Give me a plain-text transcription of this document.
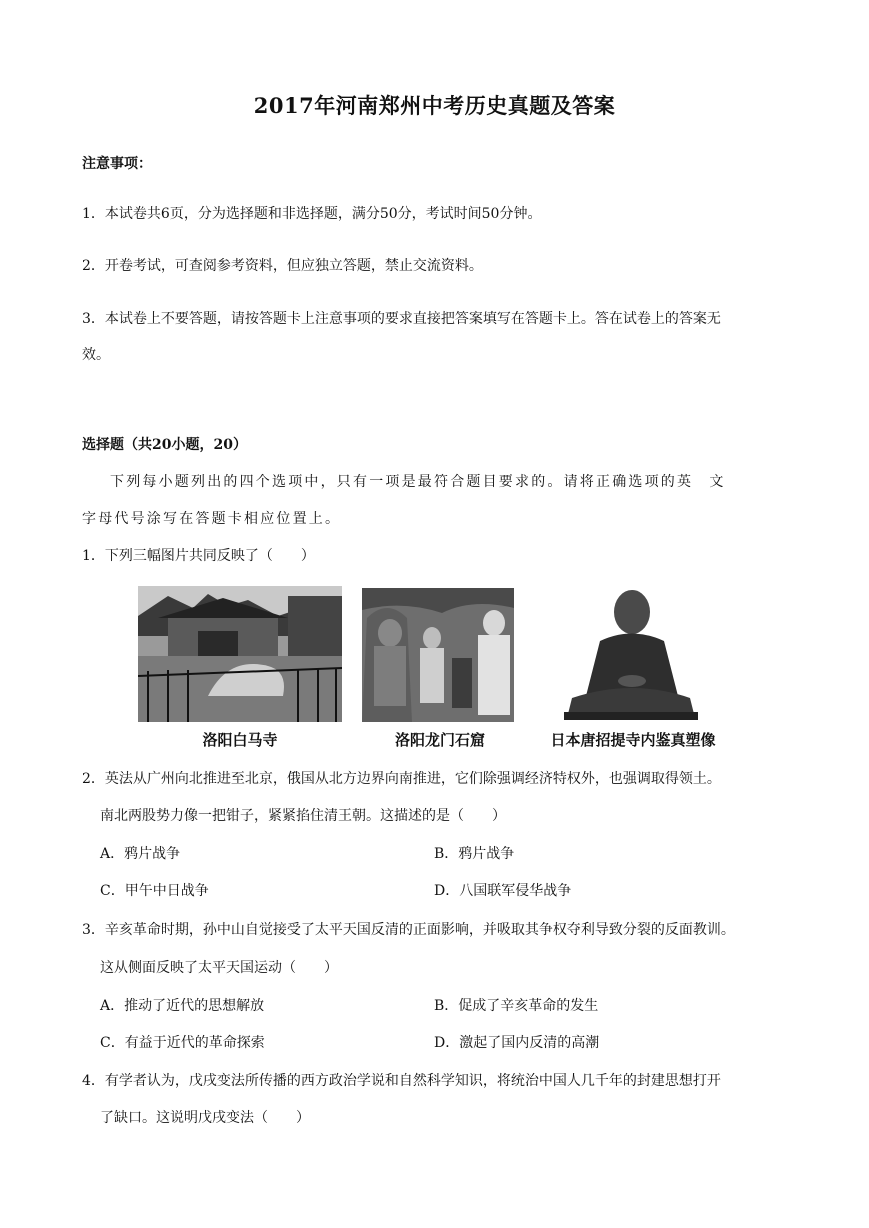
2017年河南郑州中考历史真题及答案
注意事项：
1．本试卷共6页，分为选择题和非选择题，满分50分，考试时间50分钟。
2．开卷考试，可查阅参考资料，但应独立答题，禁止交流资料。
3．本试卷上不要答题，请按答题卡上注意事项的要求直接把答案填写在答题卡上。答在试卷上的答案无
效。
选择题（共20小题，20）
下列每小题列出的四个选项中，只有一项是最符合题目要求的。请将正确选项的英　文
字母代号涂写在答题卡相应位置上。
1．下列三幅图片共同反映了（　　）
洛阳白马寺	洛阳龙门石窟	日本唐招提寺内鉴真塑像
2．英法从广州向北推进至北京，俄国从北方边界向南推进，它们除强调经济特权外，也强调取得领土。
南北两股势力像一把钳子，紧紧掐住清王朝。这描述的是（　　）
A．鸦片战争	B．鸦片战争
C．甲午中日战争	D．八国联军侵华战争
3．辛亥革命时期，孙中山自觉接受了太平天国反清的正面影响，并吸取其争权夺利导致分裂的反面教训。
这从侧面反映了太平天国运动（　　）
A．推动了近代的思想解放	B．促成了辛亥革命的发生
C．有益于近代的革命探索	D．激起了国内反清的高潮
4．有学者认为，戊戌变法所传播的西方政治学说和自然科学知识，将统治中国人几千年的封建思想打开
了缺口。这说明戊戌变法（　　）
